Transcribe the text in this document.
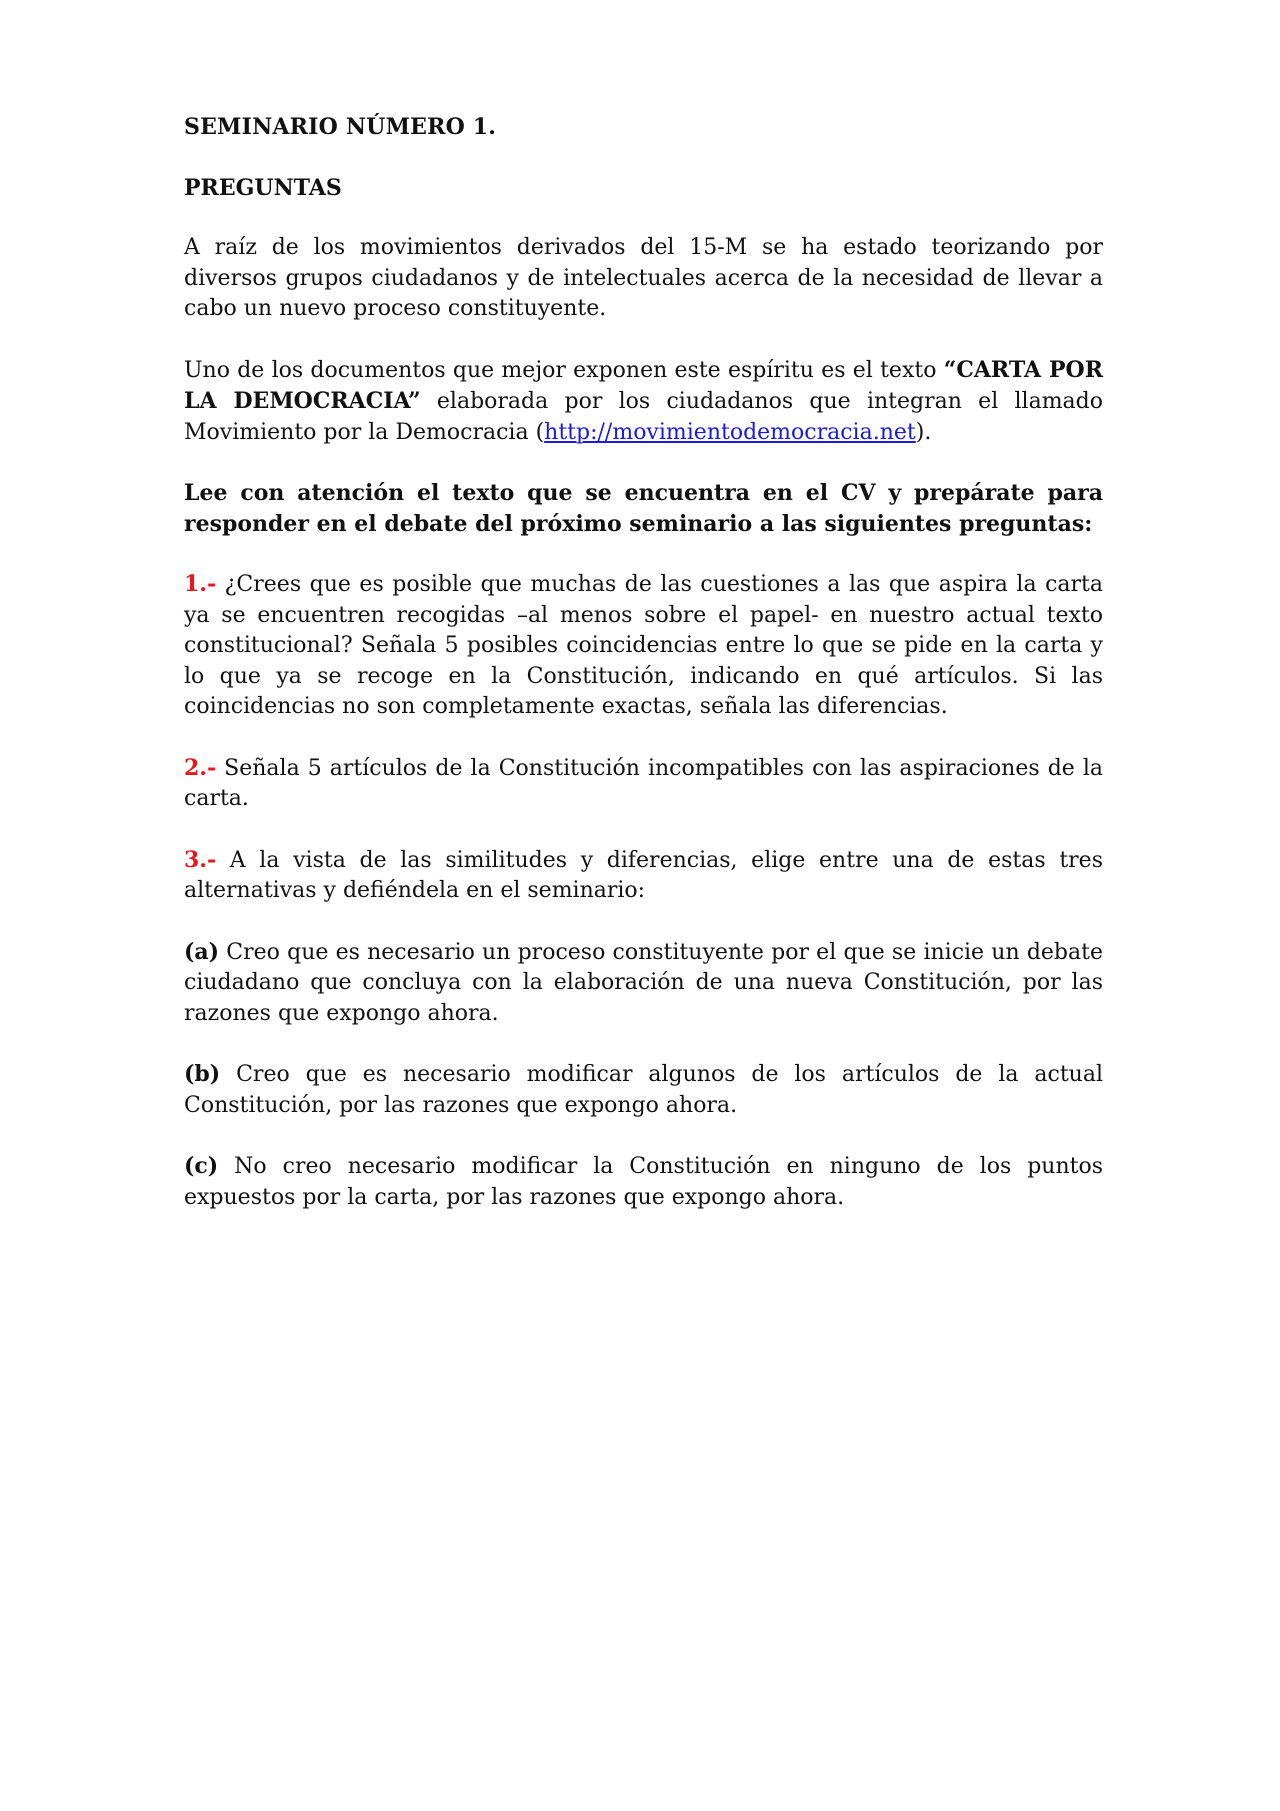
SEMINARIO NÚMERO 1.
PREGUNTAS

A raíz de los movimientos derivados del 15-M se ha estado teorizando por diversos grupos ciudadanos y de intelectuales acerca de la necesidad de llevar a cabo un nuevo proceso constituyente.

Uno de los documentos que mejor exponen este espíritu es el texto “CARTA POR LA DEMOCRACIA” elaborada por los ciudadanos que integran el llamado Movimiento por la Democracia (http://movimientodemocracia.net).

Lee con atención el texto que se encuentra en el CV y prepárate para responder en el debate del próximo seminario a las siguientes preguntas:

1.- ¿Crees que es posible que muchas de las cuestiones a las que aspira la carta ya se encuentren recogidas –al menos sobre el papel- en nuestro actual texto constitucional? Señala 5 posibles coincidencias entre lo que se pide en la carta y lo que ya se recoge en la Constitución, indicando en qué artículos. Si las coincidencias no son completamente exactas, señala las diferencias.

2.- Señala 5 artículos de la Constitución incompatibles con las aspiraciones de la carta.

3.- A la vista de las similitudes y diferencias, elige entre una de estas tres alternativas y defiéndela en el seminario:

(a) Creo que es necesario un proceso constituyente por el que se inicie un debate ciudadano que concluya con la elaboración de una nueva Constitución, por las razones que expongo ahora.

(b) Creo que es necesario modificar algunos de los artículos de la actual Constitución, por las razones que expongo ahora.

(c) No creo necesario modificar la Constitución en ninguno de los puntos expuestos por la carta, por las razones que expongo ahora.
